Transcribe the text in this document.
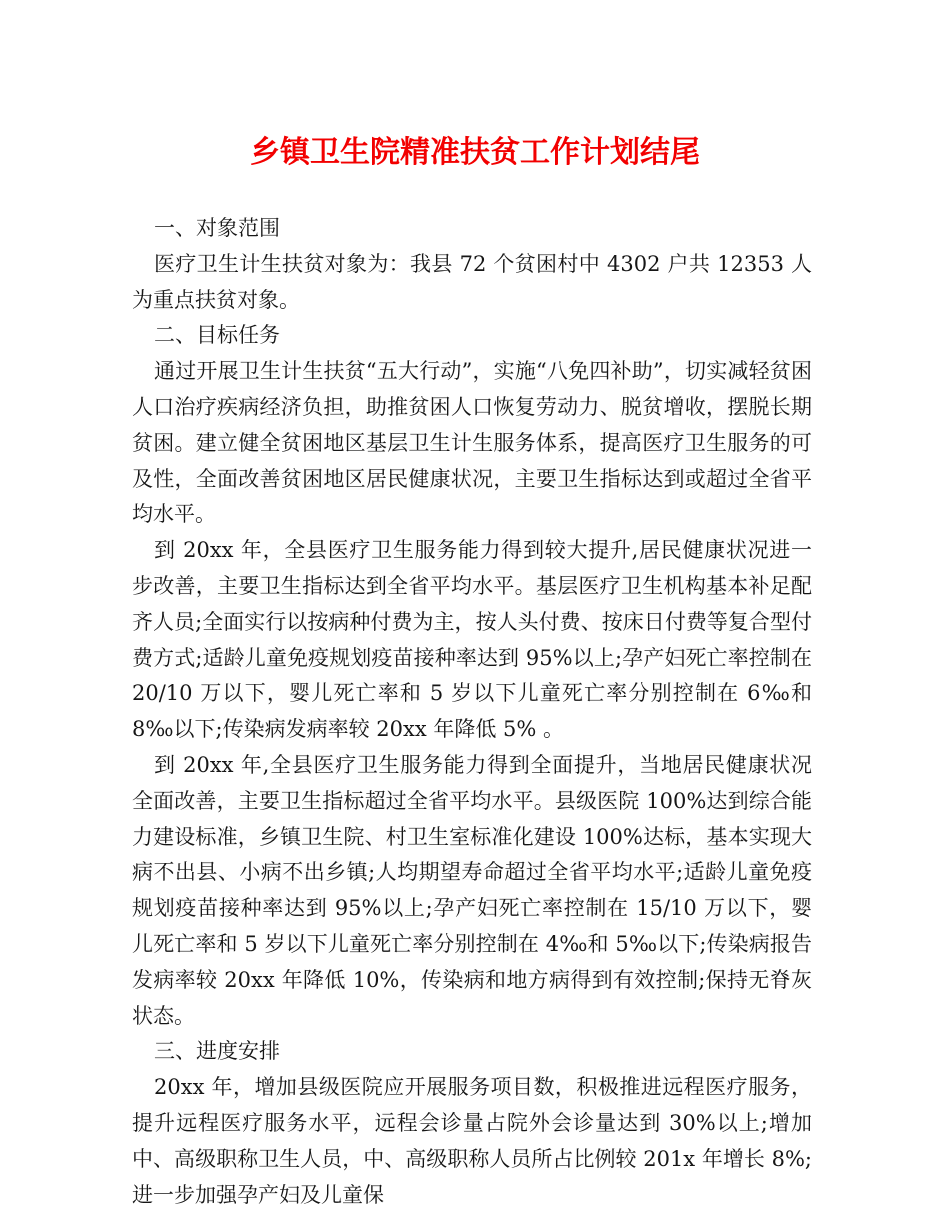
乡镇卫生院精准扶贫工作计划结尾

一、对象范围

医疗卫生计生扶贫对象为：我县 72 个贫困村中 4302 户共 12353 人为重点扶贫对象。

二、目标任务

通过开展卫生计生扶贫“五大行动”，实施“八免四补助”，切实减轻贫困人口治疗疾病经济负担，助推贫困人口恢复劳动力、脱贫增收，摆脱长期贫困。建立健全贫困地区基层卫生计生服务体系，提高医疗卫生服务的可及性，全面改善贫困地区居民健康状况，主要卫生指标达到或超过全省平均水平。

到 20xx 年，全县医疗卫生服务能力得到较大提升,居民健康状况进一步改善，主要卫生指标达到全省平均水平。基层医疗卫生机构基本补足配齐人员;全面实行以按病种付费为主，按人头付费、按床日付费等复合型付费方式;适龄儿童免疫规划疫苗接种率达到 95%以上;孕产妇死亡率控制在 20/10 万以下，婴儿死亡率和 5 岁以下儿童死亡率分别控制在 6‰和 8‰以下;传染病发病率较 20xx 年降低 5% 。

到 20xx 年,全县医疗卫生服务能力得到全面提升，当地居民健康状况全面改善，主要卫生指标超过全省平均水平。县级医院 100%达到综合能力建设标准，乡镇卫生院、村卫生室标准化建设 100%达标，基本实现大病不出县、小病不出乡镇;人均期望寿命超过全省平均水平;适龄儿童免疫规划疫苗接种率达到 95%以上;孕产妇死亡率控制在 15/10 万以下，婴儿死亡率和 5 岁以下儿童死亡率分别控制在 4‰和 5‰以下;传染病报告发病率较 20xx 年降低 10%，传染病和地方病得到有效控制;保持无脊灰状态。

三、进度安排

20xx 年，增加县级医院应开展服务项目数，积极推进远程医疗服务，提升远程医疗服务水平，远程会诊量占院外会诊量达到 30%以上;增加中、高级职称卫生人员，中、高级职称人员所占比例较 201x 年增长 8%;进一步加强孕产妇及儿童保
